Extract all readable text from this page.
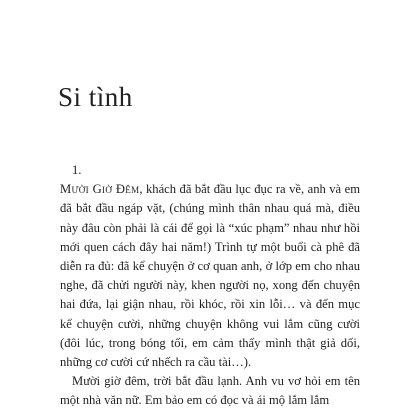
Si tình

1.

Mười Giờ Đêm, khách đã bắt đầu lục đục ra về, anh và em đã bắt đầu ngáp vặt, (chúng mình thân nhau quá mà, điều này đâu còn phải là cái để gọi là “xúc phạm” nhau như hồi mới quen cách đây hai năm!) Trình tự một buổi cà phê đã diễn ra đủ: đã kể chuyện ở cơ quan anh, ở lớp em cho nhau nghe, đã chửi người này, khen người nọ, xong đến chuyện hai đứa, lại giận nhau, rồi khóc, rồi xin lỗi… và đến mục kể chuyện cười, những chuyện không vui lắm cũng cười (đôi lúc, trong bóng tối, em cảm thấy mình thật giả dối, những cơ cười cứ nhếch ra cầu tài…).

Mười giờ đêm, trời bắt đầu lạnh. Anh vu vơ hỏi em tên một nhà văn nữ. Em bảo em có đọc và ái mộ lắm lắm
